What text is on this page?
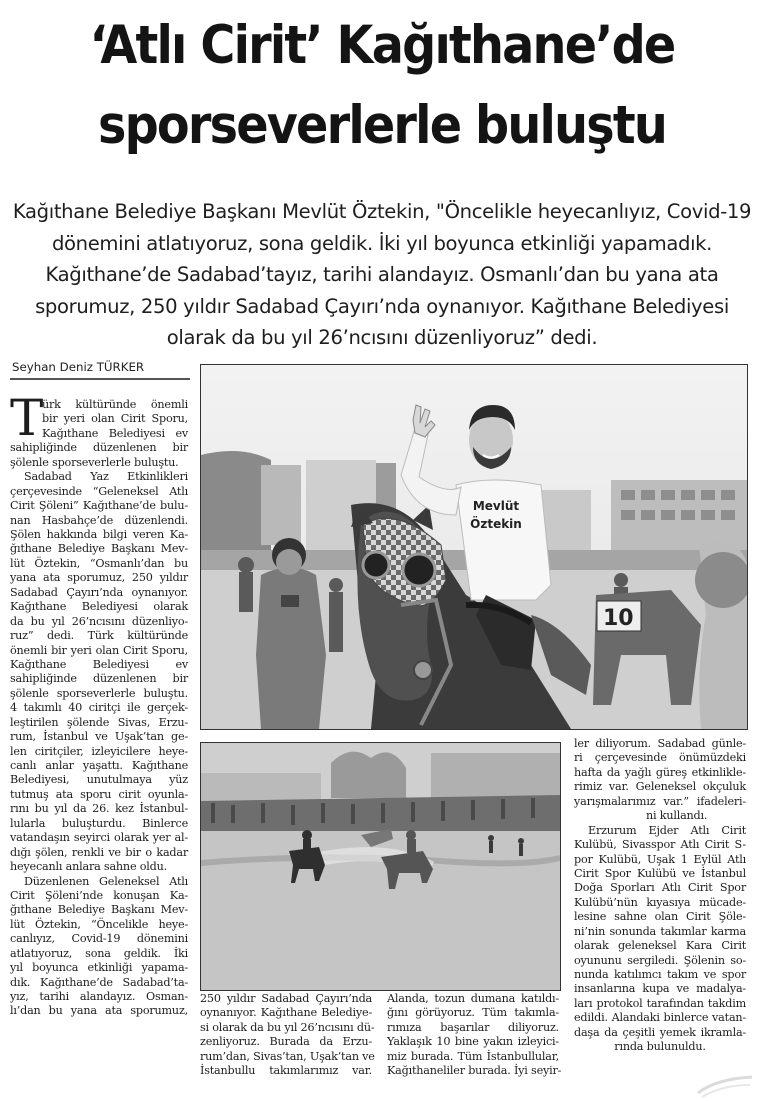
‘Atlı Cirit’ Kağıthane’de
sporseverlerle buluştu
Kağıthane Belediye Başkanı Mevlüt Öztekin, "Öncelikle heyecanlıyız, Covid-19
dönemini atlatıyoruz, sona geldik. İki yıl boyunca etkinliği yapamadık.
Kağıthane’de Sadabad’tayız, tarihi alandayız. Osmanlı’dan bu yana ata
sporumuz, 250 yıldır Sadabad Çayırı’nda oynanıyor. Kağıthane Belediyesi
olarak da bu yıl 26’ncısını düzenliyoruz” dedi.
Seyhan Deniz TÜRKER
10
Mevlüt
Öztekin
T
ürk kültüründe önemli
bir yeri olan Cirit Sporu,
Kağıthane Belediyesi ev
sahipliğinde düzenlenen bir
şölenle sporseverlerle buluştu.
Sadabad Yaz Etkinlikleri
çerçevesinde “Geleneksel Atlı
Cirit Şöleni” Kağıthane’de bulu-
nan Hasbahçe’de düzenlendi.
Şölen hakkında bilgi veren Ka-
ğıthane Belediye Başkanı Mev-
lüt Öztekin, “Osmanlı’dan bu
yana ata sporumuz, 250 yıldır
Sadabad Çayırı’nda oynanıyor.
Kağıthane Belediyesi olarak
da bu yıl 26’ncısını düzenliyo-
ruz” dedi. Türk kültüründe
önemli bir yeri olan Cirit Sporu,
Kağıthane Belediyesi ev
sahipliğinde düzenlenen bir
şölenle sporseverlerle buluştu.
4 takımlı 40 ciritçi ile gerçek-
leştirilen şölende Sivas, Erzu-
rum, İstanbul ve Uşak’tan ge-
len ciritçiler, izleyicilere heye-
canlı anlar yaşattı. Kağıthane
Belediyesi, unutulmaya yüz
tutmuş ata sporu cirit oyunla-
rını bu yıl da 26. kez İstanbul-
lularla buluşturdu. Binlerce
vatandaşın seyirci olarak yer al-
dığı şölen, renkli ve bir o kadar
heyecanlı anlara sahne oldu.
Düzenlenen Geleneksel Atlı
Cirit Şöleni’nde konuşan Ka-
ğıthane Belediye Başkanı Mev-
lüt Öztekin, “Öncelikle heye-
canlıyız, Covid-19 dönemini
atlatıyoruz, sona geldik. İki
yıl boyunca etkinliği yapama-
dık. Kağıthane’de Sadabad’ta-
yız, tarihi alandayız. Osman-
lı’dan bu yana ata sporumuz,
250 yıldır Sadabad Çayırı’nda
oynanıyor. Kağıthane Belediye-
si olarak da bu yıl 26’ncısını dü-
zenliyoruz. Burada da Erzu-
rum’dan, Sivas’tan, Uşak’tan ve
İstanbullu takımlarımız var.
Alanda, tozun dumana katıldı-
ğını görüyoruz. Tüm takımla-
rımıza başarılar diliyoruz.
Yaklaşık 10 bine yakın izleyici-
miz burada. Tüm İstanbullular,
Kağıthaneliler burada. İyi seyir-
ler diliyorum. Sadabad günle-
ri çerçevesinde önümüzdeki
hafta da yağlı güreş etkinlikle-
rimiz var. Geleneksel okçuluk
yarışmalarımız var.” ifadeleri-
ni kullandı.
Erzurum Ejder Atlı Cirit
Kulübü, Sivasspor Atlı Cirit S-
por Kulübü, Uşak 1 Eylül Atlı
Cirit Spor Kulübü ve İstanbul
Doğa Sporları Atlı Cirit Spor
Kulübü’nün kıyasıya mücade-
lesine sahne olan Cirit Şöle-
ni’nin sonunda takımlar karma
olarak geleneksel Kara Cirit
oyununu sergiledi. Şölenin so-
nunda katılımcı takım ve spor
insanlarına kupa ve madalya-
ları protokol tarafından takdim
edildi. Alandaki binlerce vatan-
daşa da çeşitli yemek ikramla-
rında bulunuldu.
